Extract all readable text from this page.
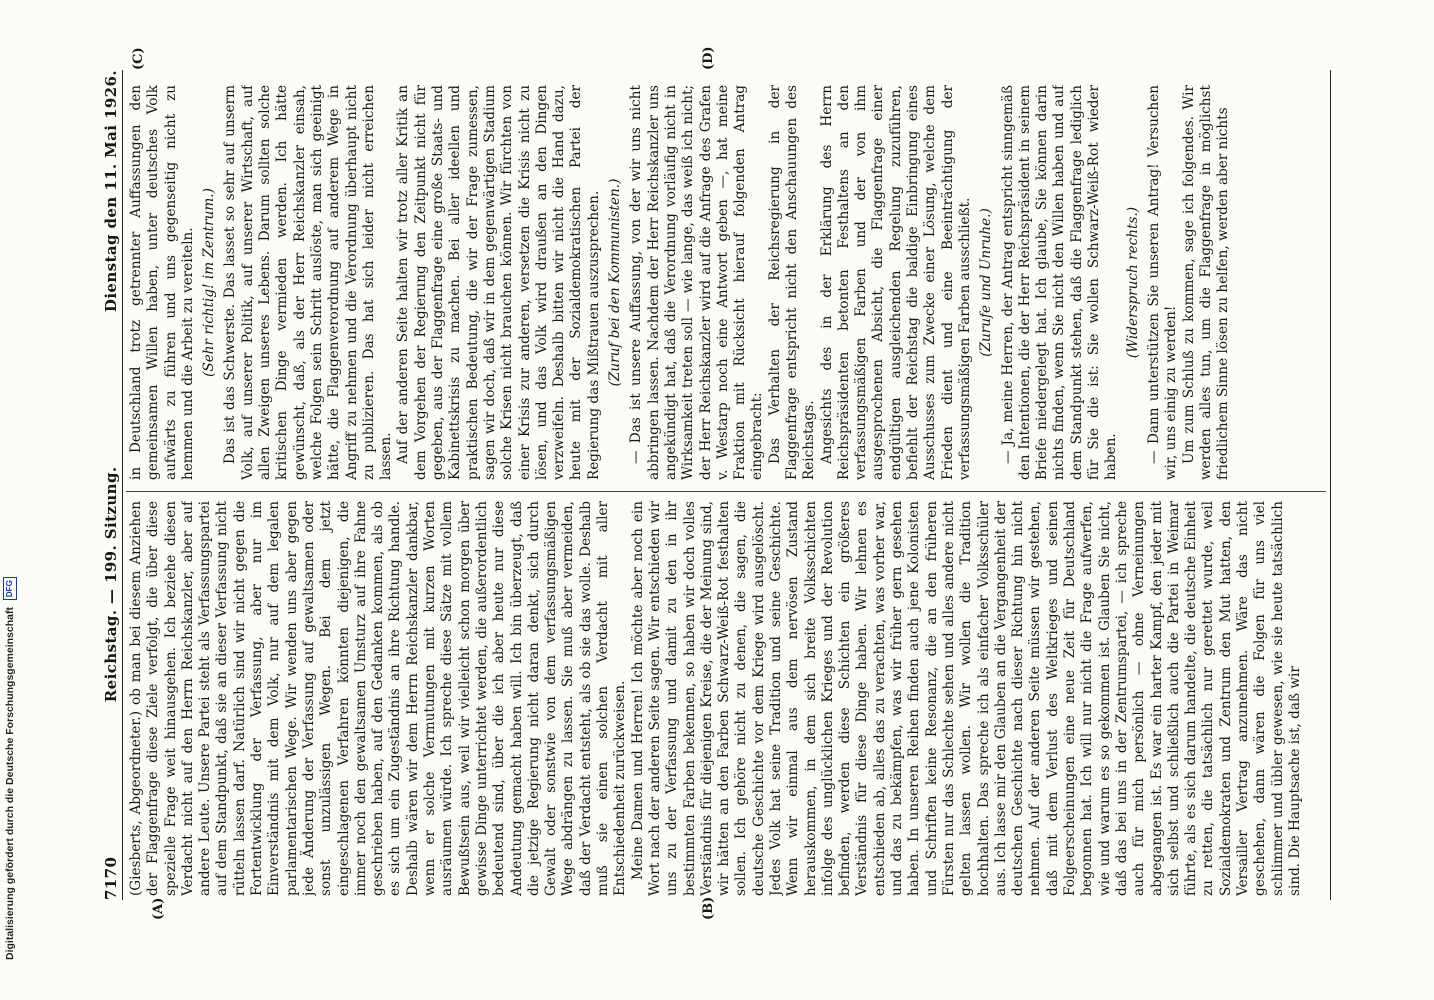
7170
Reichstag. — 199. Sitzung.
Dienstag den 11. Mai 1926.
(A)	(B)
(C)	(D)

(Giesberts, Abgeordneter.) ob man bei diesem Anziehen der Flaggenfrage diese Ziele verfolgt, die über diese spezielle Frage weit hinausgehen. Ich beziehe diesen Verdacht nicht auf den Herrn Reichskanzler, aber auf andere Leute. Unsere Partei steht als Verfassungspartei auf dem Standpunkt, daß sie an dieser Verfassung nicht rütteln lassen darf. Natürlich sind wir nicht gegen die Fortentwicklung der Verfassung, aber nur im Einverständnis mit dem Volk, nur auf dem legalen parlamentarischen Wege. Wir wenden uns aber gegen jede Änderung der Verfassung auf gewaltsamen oder sonst unzulässigen Wegen. Bei dem jetzt eingeschlagenen Verfahren könnten diejenigen, die immer noch den gewaltsamen Umsturz auf ihre Fahne geschrieben haben, auf den Gedanken kommen, als ob es sich um ein Zugeständnis an ihre Richtung handle. Deshalb wären wir dem Herrn Reichskanzler dankbar, wenn er solche Vermutungen mit kurzen Worten ausräumen würde. Ich spreche diese Sätze mit vollem Bewußtsein aus, weil wir vielleicht schon morgen über gewisse Dinge unterrichtet werden, die außerordentlich bedeutend sind, über die ich aber heute nur diese Andeutung gemacht haben will. Ich bin überzeugt, daß die jetzige Regierung nicht daran denkt, sich durch Gewalt oder sonstwie von dem verfassungsmäßigen Wege abdrängen zu lassen. Sie muß aber vermeiden, daß der Verdacht entsteht, als ob sie das wolle. Deshalb muß sie einen solchen Verdacht mit aller Entschiedenheit zurückweisen. Meine Damen und Herren! Ich möchte aber noch ein Wort nach der anderen Seite sagen. Wir entschieden wir uns zu der Verfassung und damit zu den in ihr bestimmten Farben bekennen, so haben wir doch volles Verständnis für diejenigen Kreise, die der Meinung sind, wir hätten an den Farben Schwarz-Weiß-Rot festhalten sollen. Ich gehöre nicht zu denen, die sagen, die deutsche Geschichte vor dem Kriege wird ausgelöscht. Jedes Volk hat seine Tradition und seine Geschichte. Wenn wir einmal aus dem nervösen Zustand herauskommen, in dem sich breite Volksschichten infolge des unglücklichen Krieges und der Revolution befinden, werden diese Schichten ein größeres Verständnis für diese Dinge haben. Wir lehnen es entschieden ab, alles das zu verachten, was vorher war, und das zu bekämpfen, was wir früher gern gesehen haben. In unseren Reihen finden auch jene Kolonisten und Schriften keine Resonanz, die an den früheren Fürsten nur das Schlechte sehen und alles andere nicht gelten lassen wollen. Wir wollen die Tradition hochhalten. Das spreche ich als einfacher Volksschüler aus. Ich lasse mir den Glauben an die Vergangenheit der deutschen Geschichte nach dieser Richtung hin nicht nehmen. Auf der anderen Seite müssen wir gestehen, daß mit dem Verlust des Weltkrieges und seinen Folgeerscheinungen eine neue Zeit für Deutschland begonnen hat. Ich will nur nicht die Frage aufwerfen, wie und warum es so gekommen ist. Glauben Sie nicht, daß das bei uns in der Zentrumspartei, — ich spreche auch für mich persönlich — ohne Verneinungen abgegangen ist. Es war ein harter Kampf, den jeder mit sich selbst und schließlich auch die Partei in Weimar führte, als es sich darum handelte, die deutsche Einheit zu retten, die tatsächlich nur gerettet wurde, weil Sozialdemokraten und Zentrum den Mut hatten, den Versailler Vertrag anzunehmen. Wäre das nicht geschehen, dann wären die Folgen für uns viel schlimmer und übler gewesen, wie sie heute tatsächlich sind. Die Hauptsache ist, daß wir

in Deutschland trotz getrennter Auffassungen den gemeinsamen Willen haben, unter deutsches Volk aufwärts zu führen und uns gegenseitig nicht zu hemmen und die Arbeit zu vereiteln. (Sehr richtig! im Zentrum.) Das ist das Schwerste. Das lasset so sehr auf unserm Volk, auf unserer Politik, auf unserer Wirtschaft, auf allen Zweigen unseres Lebens. Darum sollten solche kritischen Dinge vermieden werden. Ich hätte gewünscht, daß, als der Herr Reichskanzler einsah, welche Folgen sein Schritt auslöste, man sich geeinigt hätte, die Flaggenverordnung auf anderem Wege in Angriff zu nehmen und die Verordnung überhaupt nicht zu publizieren. Das hat sich leider nicht erreichen lassen. Auf der anderen Seite halten wir trotz aller Kritik an dem Vorgehen der Regierung den Zeitpunkt nicht für gegeben, aus der Flaggenfrage eine große Staats- und Kabinettskrisis zu machen. Bei aller ideellen und praktischen Bedeutung, die wir der Frage zumessen, sagen wir doch, daß wir in dem gegenwärtigen Stadium solche Krisen nicht brauchen können. Wir fürchten von einer Krisis zur anderen, versetzen die Krisis nicht zu lösen, und das Volk wird draußen an den Dingen verzweifeln. Deshalb bitten wir nicht die Hand dazu, heute mit der Sozialdemokratischen Partei der Regierung das Mißtrauen auszusprechen. (Zuruf bei den Kommunisten.) — Das ist unsere Auffassung, von der wir uns nicht abbringen lassen. Nachdem der Herr Reichskanzler uns angekündigt hat, daß die Verordnung vorläufig nicht in Wirksamkeit treten soll — wie lange, das weiß ich nicht; der Herr Reichskanzler wird auf die Anfrage des Grafen v. Westarp noch eine Antwort geben —, hat meine Fraktion mit Rücksicht hierauf folgenden Antrag eingebracht: Das Verhalten der Reichsregierung in der Flaggenfrage entspricht nicht den Anschauungen des Reichstags. Angesichts des in der Erklärung des Herrn Reichspräsidenten betonten Festhaltens an den verfassungsmäßigen Farben und der von ihm ausgesprochenen Absicht, die Flaggenfrage einer endgültigen ausgleichenden Regelung zuzuführen, befiehlt der Reichstag die baldige Einbringung eines Ausschusses zum Zwecke einer Lösung, welche dem Frieden dient und eine Beeinträchtigung der verfassungsmäßigen Farben ausschließt. (Zurufe und Unruhe.) — Ja, meine Herren, der Antrag entspricht sinngemäß den Intentionen, die der Herr Reichspräsident in seinem Briefe niedergelegt hat. Ich glaube, Sie können darin nichts finden, wenn Sie nicht den Willen haben und auf dem Standpunkt stehen, daß die Flaggenfrage lediglich für Sie die ist: Sie wollen Schwarz-Weiß-Rot wieder haben.

(Widerspruch rechts.) — Dann unterstützen Sie unseren Antrag! Versuchen wir, uns einig zu werden! Um zum Schluß zu kommen, sage ich folgendes. Wir werden alles tun, um die Flaggenfrage in möglichst friedlichem Sinne lösen zu helfen, werden aber nichts

Digitalisierung gefördert durch die Deutsche Forschungsgemeinschaft DFG
